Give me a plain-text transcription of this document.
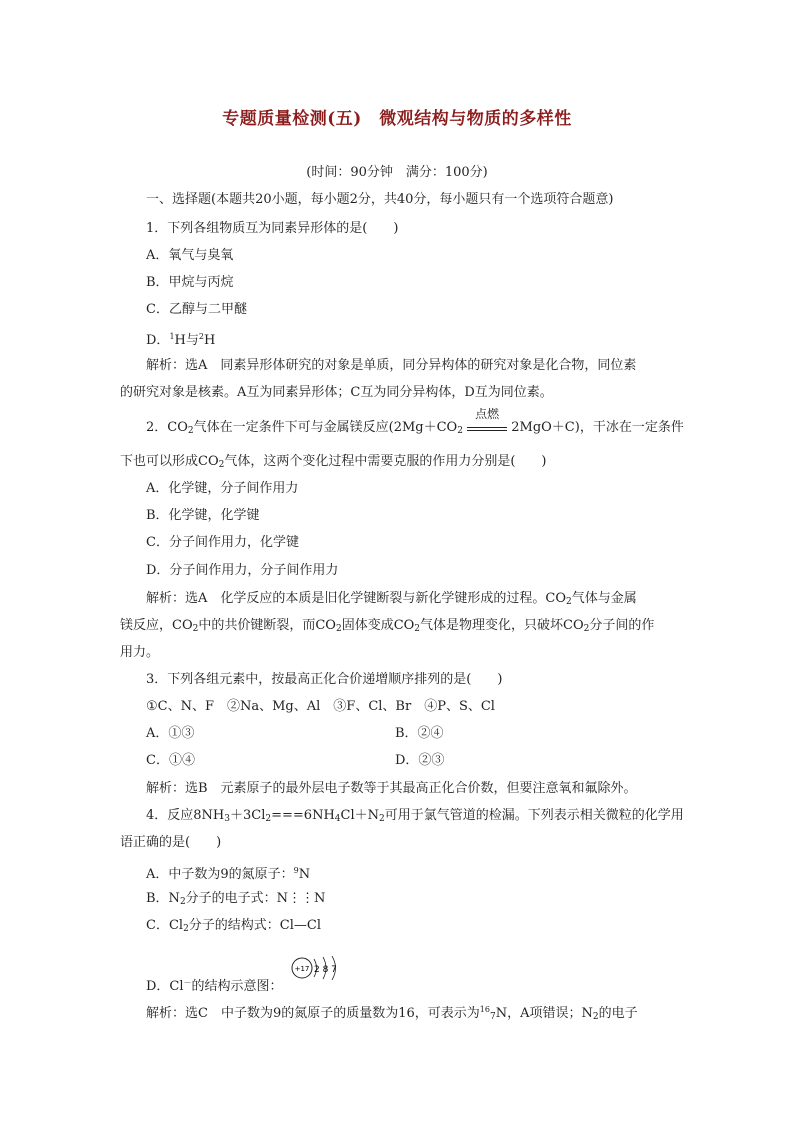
专题质量检测(五)　微观结构与物质的多样性
(时间：90分钟　满分：100分)
一、选择题(本题共20小题，每小题2分，共40分，每小题只有一个选项符合题意)
1．下列各组物质互为同素异形体的是(　　)
A．氧气与臭氧
B．甲烷与丙烷
C．乙醇与二甲醚
D．$^1$H与$^2$H
解析：选A　同素异形体研究的对象是单质，同分异构体的研究对象是化合物，同位素
的研究对象是核素。A互为同素异形体；C互为同分异构体，D互为同位素。
2．$CO_2$气体在一定条件下可与金属镁反应($2Mg+CO_2$
点燃
2MgO＋C)，干冰在一定条件
下也可以形成$CO_2$气体，这两个变化过程中需要克服的作用力分别是(　　)
A．化学键，分子间作用力
B．化学键，化学键
C．分子间作用力，化学键
D．分子间作用力，分子间作用力
解析：选A　化学反应的本质是旧化学键断裂与新化学键形成的过程。$CO_2$气体与金属
镁反应，$CO_2$中的共价键断裂，而$CO_2$固体变成$CO_2$气体是物理变化，只破坏$CO_2$分子间的作
用力。
3．下列各组元素中，按最高正化合价递增顺序排列的是(　　)
①C、N、F　②Na、Mg、Al　③F、Cl、Br　④P、S、Cl
A．①③	B．②④
C．①④	D．②③
解析：选B　元素原子的最外层电子数等于其最高正化合价数，但要注意氧和氟除外。
4．反应$8NH_3+3Cl_2===6NH_4Cl+N_2$可用于氯气管道的检漏。下列表示相关微粒的化学用
语正确的是(　　)
A．中子数为9的氮原子：$^9$N
B．$N_2$分子的电子式：N⋮⋮N
C．$Cl_2$分子的结构式：Cl—Cl
D．Cl－的结构示意图：
+17 2 8 7
解析：选C　中子数为9的氮原子的质量数为16，可表示为$^{16}_7$N，A项错误；$N_2$的电子
